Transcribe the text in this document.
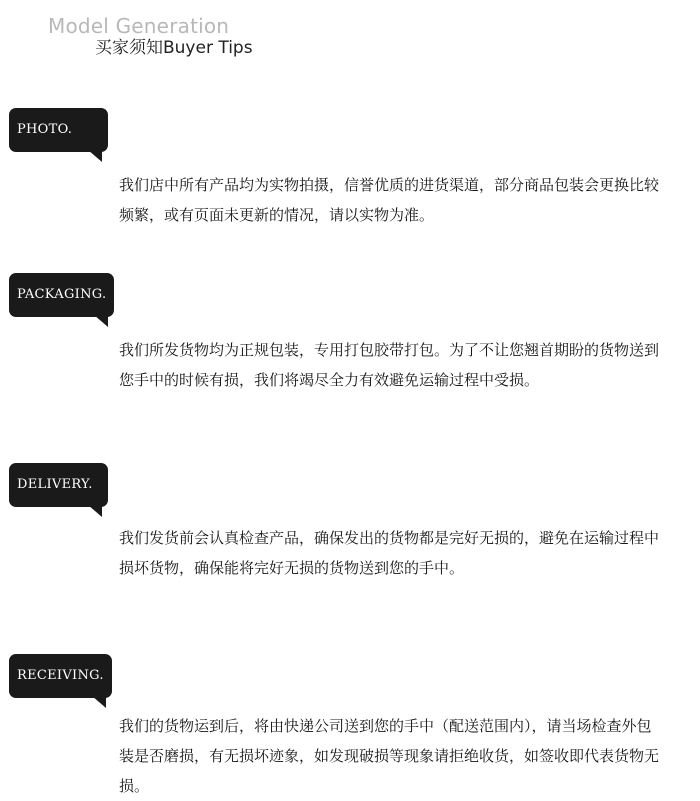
Model Generation
买家须知Buyer Tips
PHOTO.
我们店中所有产品均为实物拍摄，信誉优质的进货渠道，部分商品包装会更换比较频繁，或有页面未更新的情况，请以实物为准。
PACKAGING.
我们所发货物均为正规包装，专用打包胶带打包。为了不让您翘首期盼的货物送到您手中的时候有损，我们将竭尽全力有效避免运输过程中受损。
DELIVERY.
我们发货前会认真检查产品，确保发出的货物都是完好无损的，避免在运输过程中损坏货物，确保能将完好无损的货物送到您的手中。
RECEIVING.
我们的货物运到后，将由快递公司送到您的手中（配送范围内），请当场检查外包装是否磨损，有无损坏迹象，如发现破损等现象请拒绝收货，如签收即代表货物无损。
